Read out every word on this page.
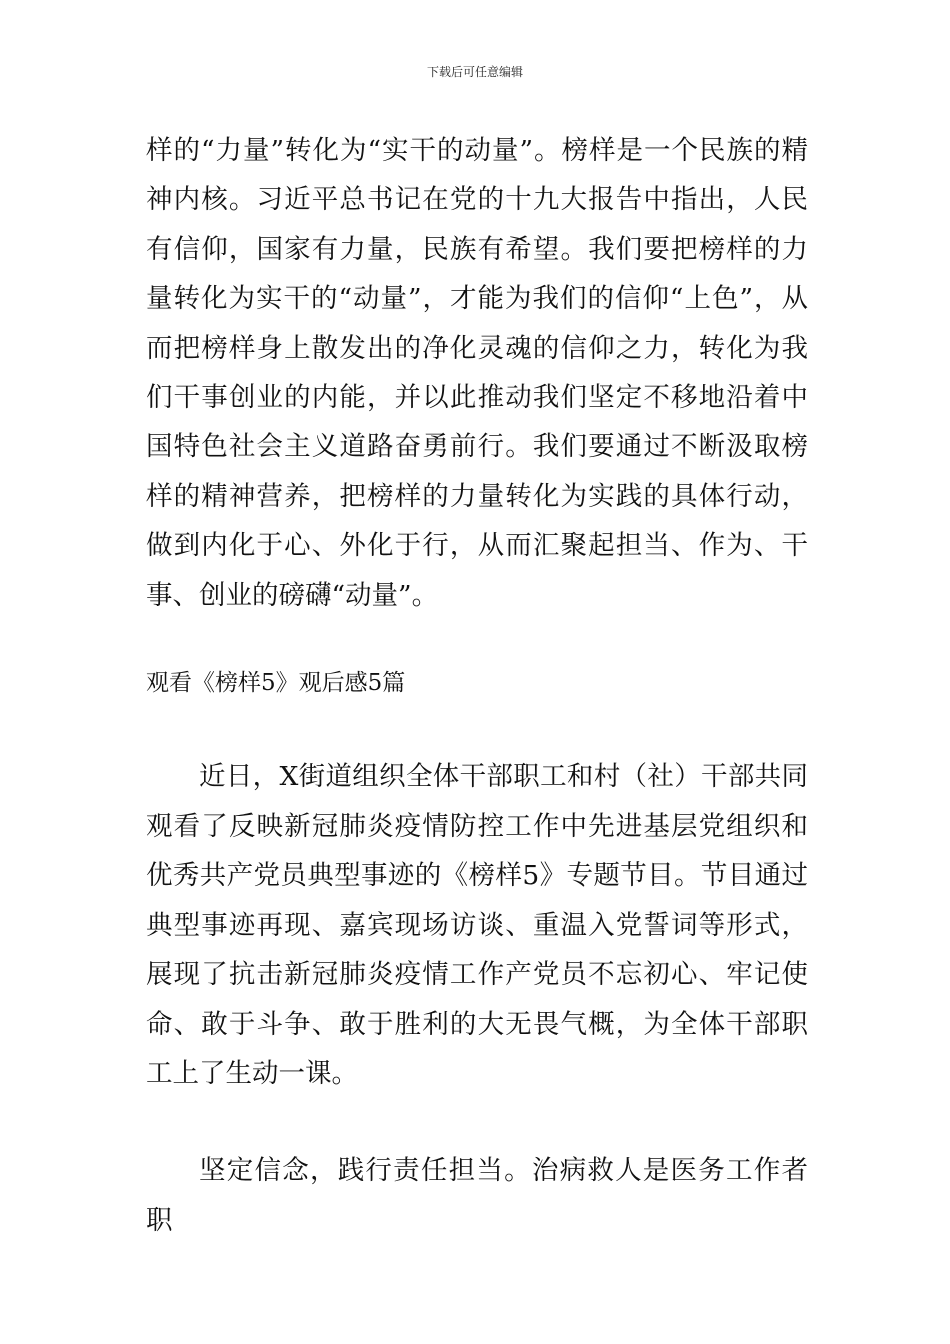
下载后可任意编辑

样的“力量”转化为“实干的动量”。榜样是一个民族的精神内核。习近平总书记在党的十九大报告中指出，人民有信仰，国家有力量，民族有希望。我们要把榜样的力量转化为实干的“动量”，才能为我们的信仰“上色”，从而把榜样身上散发出的净化灵魂的信仰之力，转化为我们干事创业的内能，并以此推动我们坚定不移地沿着中国特色社会主义道路奋勇前行。我们要通过不断汲取榜样的精神营养，把榜样的力量转化为实践的具体行动，做到内化于心、外化于行，从而汇聚起担当、作为、干事、创业的磅礴“动量”。

观看《榜样5》观后感5篇

近日，X街道组织全体干部职工和村（社）干部共同观看了反映新冠肺炎疫情防控工作中先进基层党组织和优秀共产党员典型事迹的《榜样5》专题节目。节目通过典型事迹再现、嘉宾现场访谈、重温入党誓词等形式，展现了抗击新冠肺炎疫情工作产党员不忘初心、牢记使命、敢于斗争、敢于胜利的大无畏气概，为全体干部职工上了生动一课。

坚定信念，践行责任担当。治病救人是医务工作者职
